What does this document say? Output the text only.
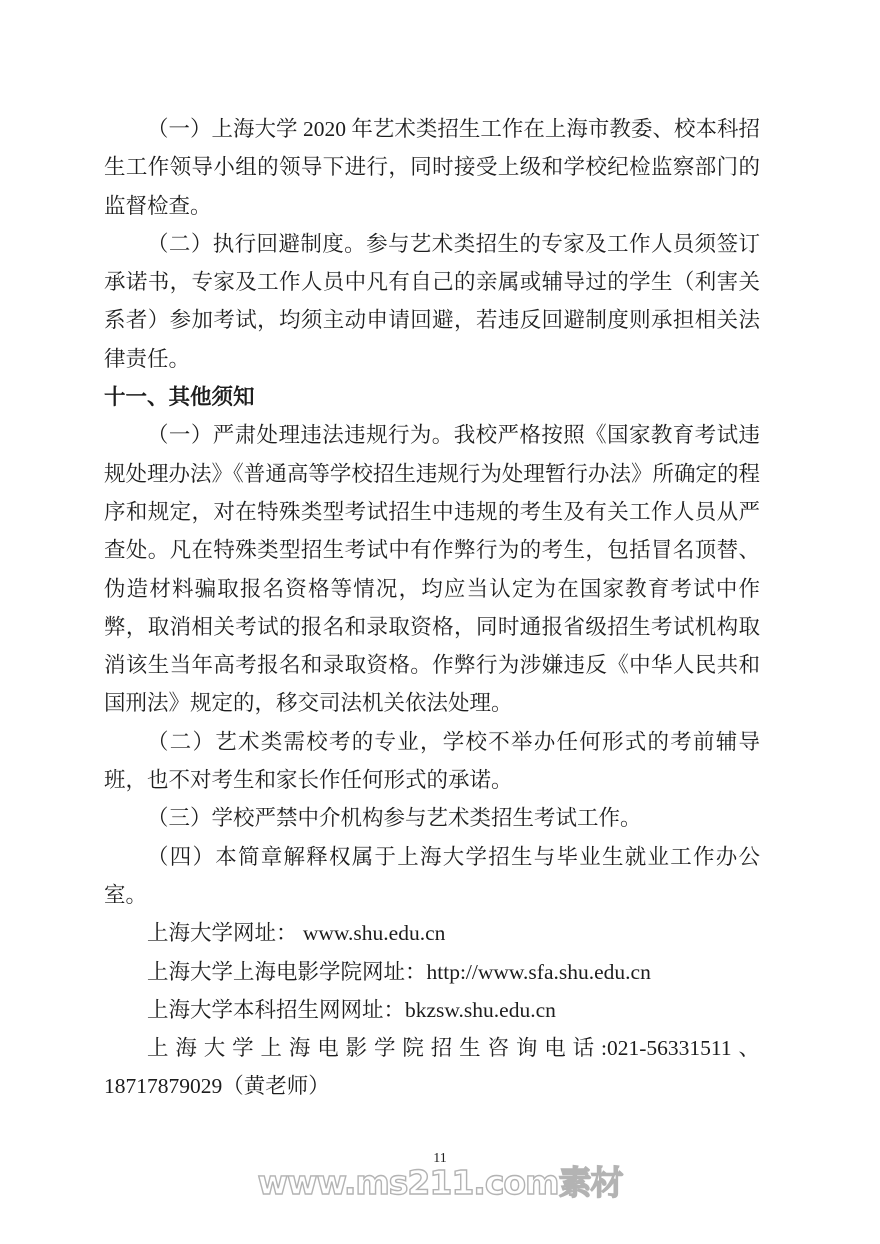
（一）上海大学 2020 年艺术类招生工作在上海市教委、校本科招生工作领导小组的领导下进行，同时接受上级和学校纪检监察部门的监督检查。

（二）执行回避制度。参与艺术类招生的专家及工作人员须签订承诺书，专家及工作人员中凡有自己的亲属或辅导过的学生（利害关系者）参加考试，均须主动申请回避，若违反回避制度则承担相关法律责任。

十一、其他须知

（一）严肃处理违法违规行为。我校严格按照《国家教育考试违规处理办法》《普通高等学校招生违规行为处理暂行办法》所确定的程序和规定，对在特殊类型考试招生中违规的考生及有关工作人员从严查处。凡在特殊类型招生考试中有作弊行为的考生，包括冒名顶替、伪造材料骗取报名资格等情况，均应当认定为在国家教育考试中作弊，取消相关考试的报名和录取资格，同时通报省级招生考试机构取消该生当年高考报名和录取资格。作弊行为涉嫌违反《中华人民共和国刑法》规定的，移交司法机关依法处理。

（二）艺术类需校考的专业，学校不举办任何形式的考前辅导班，也不对考生和家长作任何形式的承诺。

（三）学校严禁中介机构参与艺术类招生考试工作。

（四）本简章解释权属于上海大学招生与毕业生就业工作办公室。

上海大学网址： www.shu.edu.cn

上海大学上海电影学院网址：http://www.sfa.shu.edu.cn

上海大学本科招生网网址：bkzsw.shu.edu.cn

上海大学上海电影学院招生咨询电话:021-56331511、18717879029（黄老师）

11
www.ms211.com素材
